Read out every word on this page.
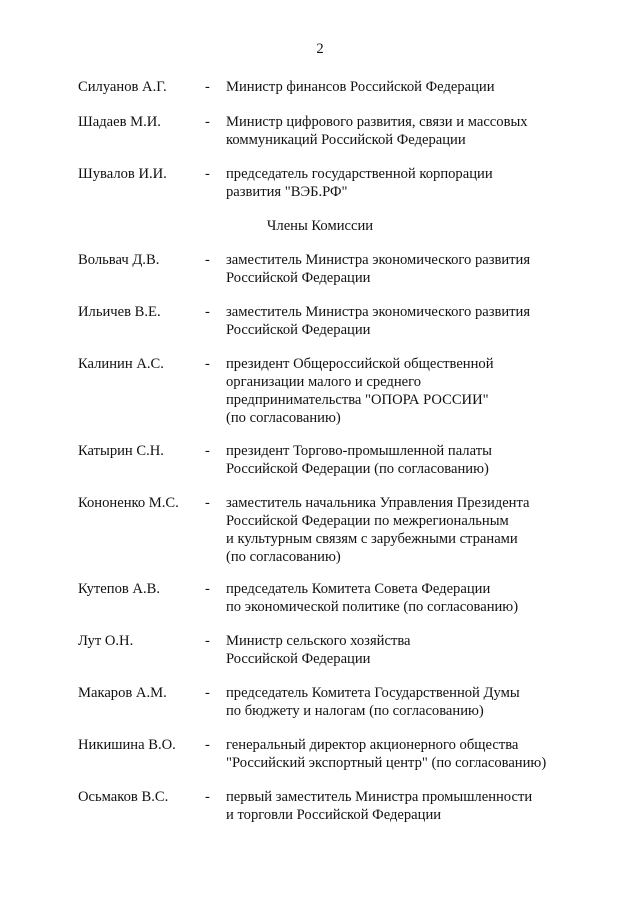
2
Силуанов А.Г.	- Министр финансов Российской Федерации
Шадаев М.И.	- Министр цифрового развития, связи и массовых
коммуникаций Российской Федерации
Шувалов И.И.	- председатель государственной корпорации
развития "ВЭБ.РФ"
Члены Комиссии
Вольвач Д.В.	- заместитель Министра экономического развития
Российской Федерации
Ильичев В.Е.	- заместитель Министра экономического развития
Российской Федерации
Калинин А.С.	- президент Общероссийской общественной
организации малого и среднего
предпринимательства "ОПОРА РОССИИ"
(по согласованию)
Катырин С.Н.	- президент Торгово-промышленной палаты
Российской Федерации (по согласованию)
Кононенко М.С. - заместитель начальника Управления Президента
Российской Федерации по межрегиональным
и культурным связям с зарубежными странами
(по согласованию)
Кутепов А.В.	- председатель Комитета Совета Федерации
по экономической политике (по согласованию)
Лут О.Н.	- Министр сельского хозяйства
Российской Федерации
Макаров А.М.	- председатель Комитета Государственной Думы
по бюджету и налогам (по согласованию)
Никишина В.О. - генеральный директор акционерного общества
"Российский экспортный центр" (по согласованию)
Осьмаков В.С.	- первый заместитель Министра промышленности
и торговли Российской Федерации
